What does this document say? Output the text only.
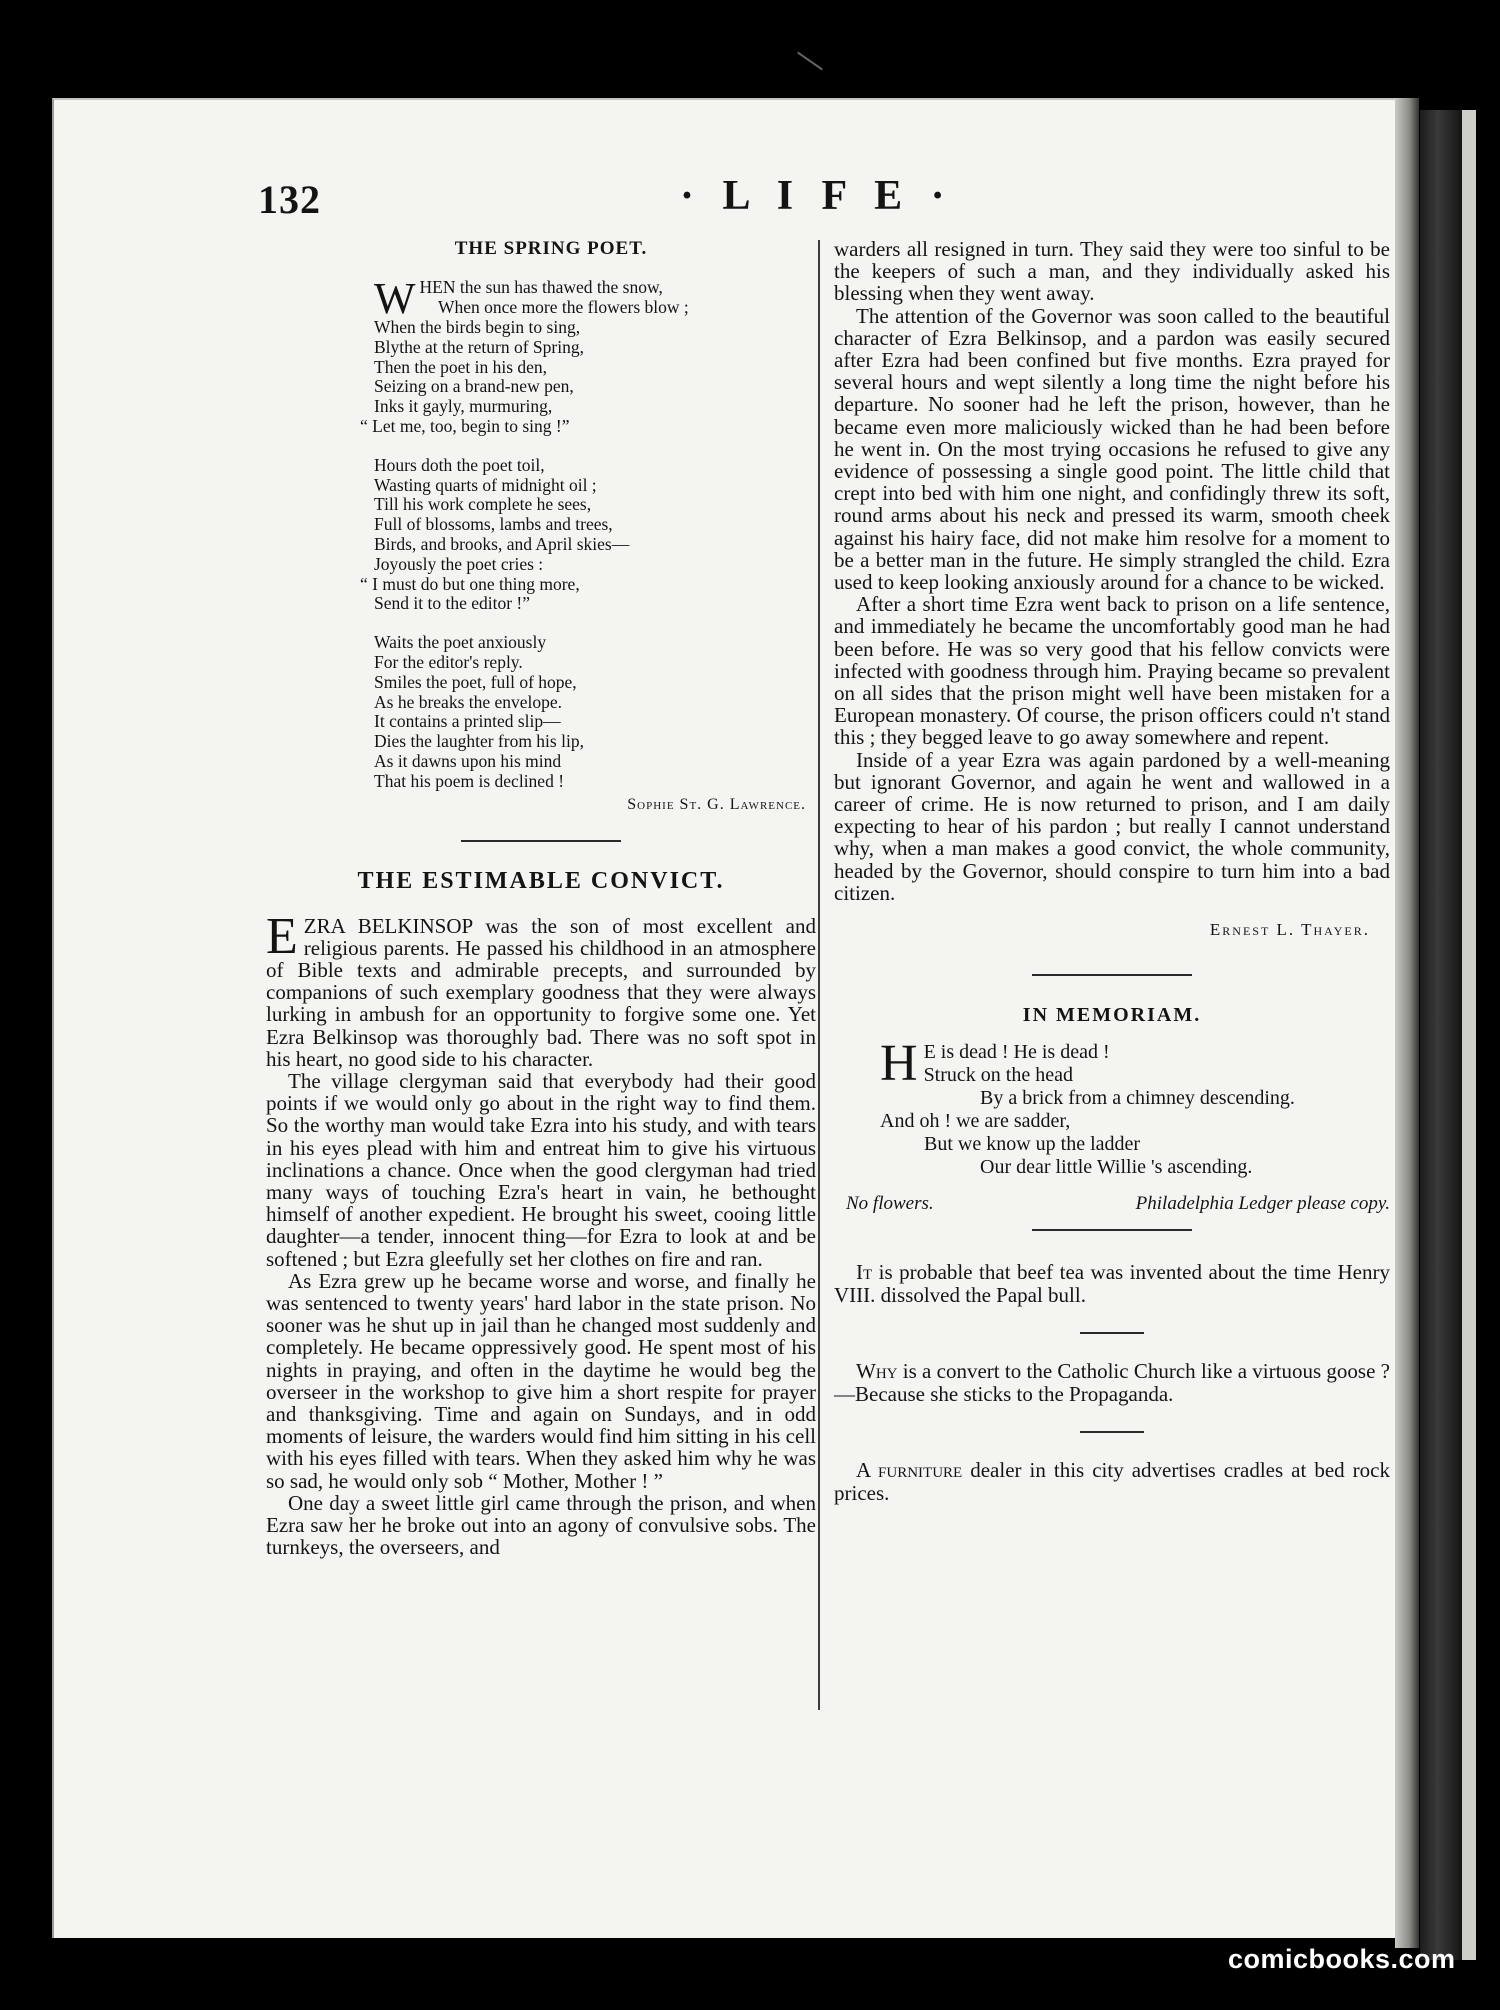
132	· L I F E ·
THE SPRING POET.
W HEN the sun has thawed the snow,
When once more the flowers blow ;
When the birds begin to sing,
Blythe at the return of Spring,
Then the poet in his den,
Seizing on a brand-new pen,
Inks it gayly, murmuring,
“ Let me, too, begin to sing !”
Hours doth the poet toil,
Wasting quarts of midnight oil ;
Till his work complete he sees,
Full of blossoms, lambs and trees,
Birds, and brooks, and April skies—
Joyously the poet cries :
“ I must do but one thing more,
Send it to the editor !”
Waits the poet anxiously
For the editor's reply.
Smiles the poet, full of hope,
As he breaks the envelope.
It contains a printed slip—
Dies the laughter from his lip,
As it dawns upon his mind
That his poem is declined !
Sophie St. G. Lawrence.
THE ESTIMABLE CONVICT.

EZRA BELKINSOP was the son of most excellent and religious parents. He passed his childhood in an atmosphere of Bible texts and admirable precepts, and surrounded by companions of such exemplary goodness that they were always lurking in ambush for an opportunity to forgive some one. Yet Ezra Belkinsop was thoroughly bad. There was no soft spot in his heart, no good side to his character.

The village clergyman said that everybody had their good points if we would only go about in the right way to find them. So the worthy man would take Ezra into his study, and with tears in his eyes plead with him and entreat him to give his virtuous inclinations a chance. Once when the good clergyman had tried many ways of touching Ezra's heart in vain, he bethought himself of another expedient. He brought his sweet, cooing little daughter—a tender, innocent thing—for Ezra to look at and be softened ; but Ezra gleefully set her clothes on fire and ran.

As Ezra grew up he became worse and worse, and finally he was sentenced to twenty years' hard labor in the state prison. No sooner was he shut up in jail than he changed most suddenly and completely. He became oppressively good. He spent most of his nights in praying, and often in the daytime he would beg the overseer in the workshop to give him a short respite for prayer and thanksgiving. Time and again on Sundays, and in odd moments of leisure, the warders would find him sitting in his cell with his eyes filled with tears. When they asked him why he was so sad, he would only sob “ Mother, Mother ! ”

One day a sweet little girl came through the prison, and when Ezra saw her he broke out into an agony of convulsive sobs. The turnkeys, the overseers, and

warders all resigned in turn. They said they were too sinful to be the keepers of such a man, and they individually asked his blessing when they went away.

The attention of the Governor was soon called to the beautiful character of Ezra Belkinsop, and a pardon was easily secured after Ezra had been confined but five months. Ezra prayed for several hours and wept silently a long time the night before his departure. No sooner had he left the prison, however, than he became even more maliciously wicked than he had been before he went in. On the most trying occasions he refused to give any evidence of possessing a single good point. The little child that crept into bed with him one night, and confidingly threw its soft, round arms about his neck and pressed its warm, smooth cheek against his hairy face, did not make him resolve for a moment to be a better man in the future. He simply strangled the child. Ezra used to keep looking anxiously around for a chance to be wicked.

After a short time Ezra went back to prison on a life sentence, and immediately he became the uncomfortably good man he had been before. He was so very good that his fellow convicts were infected with goodness through him. Praying became so prevalent on all sides that the prison might well have been mistaken for a European monastery. Of course, the prison officers could n't stand this ; they begged leave to go away somewhere and repent.

Inside of a year Ezra was again pardoned by a well-meaning but ignorant Governor, and again he went and wallowed in a career of crime. He is now returned to prison, and I am daily expecting to hear of his pardon ; but really I cannot understand why, when a man makes a good convict, the whole community, headed by the Governor, should conspire to turn him into a bad citizen.

Ernest L. Thayer.
IN MEMORIAM.
H E is dead ! He is dead !
Struck on the head
By a brick from a chimney descending.
And oh ! we are sadder,
But we know up the ladder
Our dear little Willie 's ascending.
No flowers.	Philadelphia Ledger please copy.

It is probable that beef tea was invented about the time Henry VIII. dissolved the Papal bull.

Why is a convert to the Catholic Church like a virtuous goose ?—Because she sticks to the Propaganda.

A furniture dealer in this city advertises cradles at bed rock prices.

comicbooks.com
